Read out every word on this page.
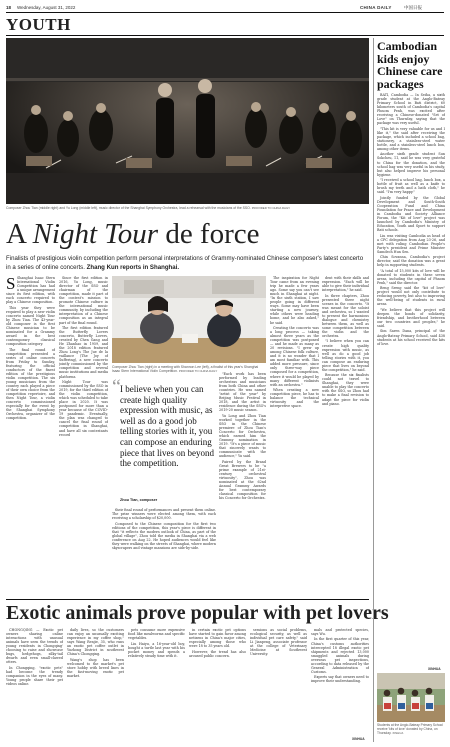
18 Wednesday, August 31, 2022	CHINA DAILY	中国日报
YOUTH
Composer Zhou Tian (middle right) and Yu Long (middle left), music director of the Shanghai Symphony Orchestra, lead a rehearsal with the musicians of the SSO. PROVIDED TO CHINA DAILY
A Night Tour de force
Finalists of prestigious violin competition perform personal interpretations of Grammy-nominated Chinese composer's latest concerto in a series of online concerts. Zhang Kun reports in Shanghai.

S Shanghai Isaac Stern International Violin Competition has had a unique arrangement since its first edition, with each concerto required to play a Chinese composition.

This year they were required to play a new violin concerto named Night Tour by Zhou Tian. The 43-year-old composer is the first Chinese musician to be nominated for a Grammy award in the best contemporary classical composition category.

The final round of competition presented a series of online concerts from Friday to Sunday, featuring the official conductors of the finest edition of the prestigious violin competition. The six young musicians from the country each played a piece of their own choice from the competition repertoire, and then Night Tour, a violin concerto commissioned especially for the event by the Shanghai Symphony Orchestra, organizer of the competition.

Since the first edition in 2016, Yu Long, music director of the SSO and chairman of the competition, made it part of the contest's mission to promote Chinese culture in the international music community, by including the interpretation of a Chinese composition as an integral part of the final round.

The first edition featured the Butterfly Lovers concerto, Butterfly Lovers, created by Chen Gang and He Zhanhao in 1959, and the 2018 edition featured Zhou Long's The Jue de la vaillance (The Joy of Suffering), a new concerto jointly commissioned by the competition and several music institutions and media platforms.

Night Tour was commissioned by the SSO in 2019, for the third edition of the violin competition, which was scheduled to take place in 2020. It was postponed for more than a year because of the COVID-19 pandemic. Eventually, the plan was changed to cancel the final round of competition in Shanghai, and have all six contestants record

Composer Zhou Tian (right) in a meeting with Shannon Lee (left), a finalist of this year's Shanghai Isaac Stern International Violin Competition. PROVIDED TO CHINA DAILY
“ I believe when you can create high quality expression with music, as well as do a good job telling stories with it, you can compose an enduring piece that lives on beyond the competition.
Zhou Tian, composer

their final round of performances and present them online. The prize winners were elected among them, with each receiving a scholarship of $20,000.

Composed to the Chinese composition for the first two editions of the competition, this year's piece is different in that "it reflects the modern outlook of China, as part of the global village", Zhou told the media in Shanghai via a web conference on Aug 22. He hoped audiences would feel like they were walking on the streets of Shanghai, where modern skyscrapers and vintage mansions are side-by-side.

"Each work has been performed by leading orchestras and musicians from both China and other countries. He was named "artist of the year" by Beijing Music Festival in 2018, and the artist in residence during the SSO's 2019-20 music season.

Yu Long and Zhou Tian worked together in the SSO in the Chinese premiere of Zhou Tian's Concerto for Orchestra, which earned him the Grammy nomination in 2019. "It's a piece of music that sincerely wants to communicate with the audience," Yu said.

Paired by the Brand Great Brewers to be "a prime example of 21st-century orchestral virtuosity", Zhou was nominated at the 62nd Annual Grammy Awards for best contemporary classical composition for his Concerto for Orchestra.

The inspiration for Night Tour came from an evening trip he made a few years ago. Some say you can't see much in Shanghai at night. "In the sixth station, I saw people going in different ways. Some may have been starting a new journey, while others were heading home, and he also asked," he said.

Creating the concerto was a long process — taking almost three years as the competition was postponed — and he made as many as 20 revisions. "I grew up among Chinese folk culture, and it is no wonder that I am most familiar with. This added more pressure, since only three-way piece composed for a competition, where it would be played by many different violinists with an orchestra."

When creating a new competition piece, he has to balance the technical virtuosity and the interpretive space.

dent with their skills and expression. "Each will be able to give their individual interpretation," he said.

In three chapters, Zhou presented three night scenes in the concerto. "It was meant for the soloist and orchestra, so I wanted to present the harmonious dialogue and chemistry between them, as well as some competition between the violin and the orchestra.

"I believe when you can create high quality expression with music, as well as do a good job telling stories with it, you can compose an enduring piece that lives on beyond the competition," he said.

Because the six finalists could not travel to Shanghai, they were unable to play the concerto with the SSO, so Zhou had to make a final revision to adapt the piece for violin and piano.

Exotic animals prove popular with pet lovers

CHONGQING — Exotic pet owners sharing online interactions with unusual animals have seen the trends of young residents in Chongqing' choosing to raise and showcase bugs, hedgehogs, silky-tail dwarfs and even small-clawed otters.

In Chongqing, "exotic pets" had become the trendy companion in the eyes of many. Young people share their pet videos online.

daily lives, so the customers can enjoy an unusually exciting experience in my coffee shop," says Wang Renjie, 35, who runs an exotic pet coffee outlet in Yuzhong District in southwest China's Chongqing.

Wang's shop has been welcomed to the market's pet store hobby with breed lines in the fast-moving exotic pet market.

pets consume more expensive food like mealworms and specific vegetables.

Liu Haiyu, a 16-year-old boy, bought a turtle last year with his pocket money and spends a relatively steady time with it.

in certain exotic pet options have started to gain favor among netizens in China's major cities, especially among those who were 18 to 35 years old.

However, the trend has also aroused public concern.

sessions as social problems, ecological security, as well as individual pet care safety," said Li Jianpeng, associate professor at the college of Veterinary Medicine at Southwest University.

mals and protected species, says Wu.

In the first quarter of this year, China's customs authorities intercepted 18 illegal exotic pet shipments and rejected 13,000 smuggled animals during overseas pet inspections, according to data released by the General Administration of Customs.

Experts say that owners need to improve their understanding.

XINHUA
Cambodian kids enjoy Chinese care packages

BATI, Cambodia — In Seiha, a sixth grade student at the Anglo-Bateay Primary School in Bati district, 60 kilometers south of Cambodia's capital Phnom Penh, was excited after receiving a Chinese-donated "Set of Love" on Thursday, saying that the package was very useful.

"This kit is very valuable for us and I like it," the said after receiving the package, which included a school bag, stationery, a stainless-steel water bottle, and a stainless-steel lunch box, among other items.

Another sixth grade student Sun Sokcheu, 11, said he was very grateful to China for the donation, and the school bag was very useful in his study, but also helped improve his personal hygiene.

"I received a school bag, lunch box, a bottle of fruit as well as a knife to brush my teeth and a bath cloth," he said. "I'm very happy."

Jointly funded by the Global Development and South-South Cooperation Fund and China Foundation for Peace and Development in Cambodia and Society Alliance Forum, the "Kit of love" project was launched by Cambodia's Ministry of Education, Youth and Sport to support Bati schools.

Liu was visiting Cambodia as head of a CPC delegation from Aug 23-26, and met with ruling Cambodian People's Party's president and Prime Minister Samdech Hun Sen.

Chin Sovanna, Cambodia's project director, said the donation was a great help in supporting students.

"A total of 15,000 kits of love will be donated to students in these seven areas, including the capital of Phnom Penh," said the director.

Beng Sreng said the "kit of love" project would not only contribute to reducing poverty, but also to improving the well-being of students in rural areas.

"We believe that this project will deepen the bonds of solidarity, friendship, and brotherhood between our two countries and peoples," he said.

Sim Saren Dana, principal of the Anglo-Bateay Primary School, said 438 students at his school received the kits of love.

XINHUA
Students at the Anglo-Bateay Primary School receive 'kits of love' donated by China, on Thursday. XINHUA
